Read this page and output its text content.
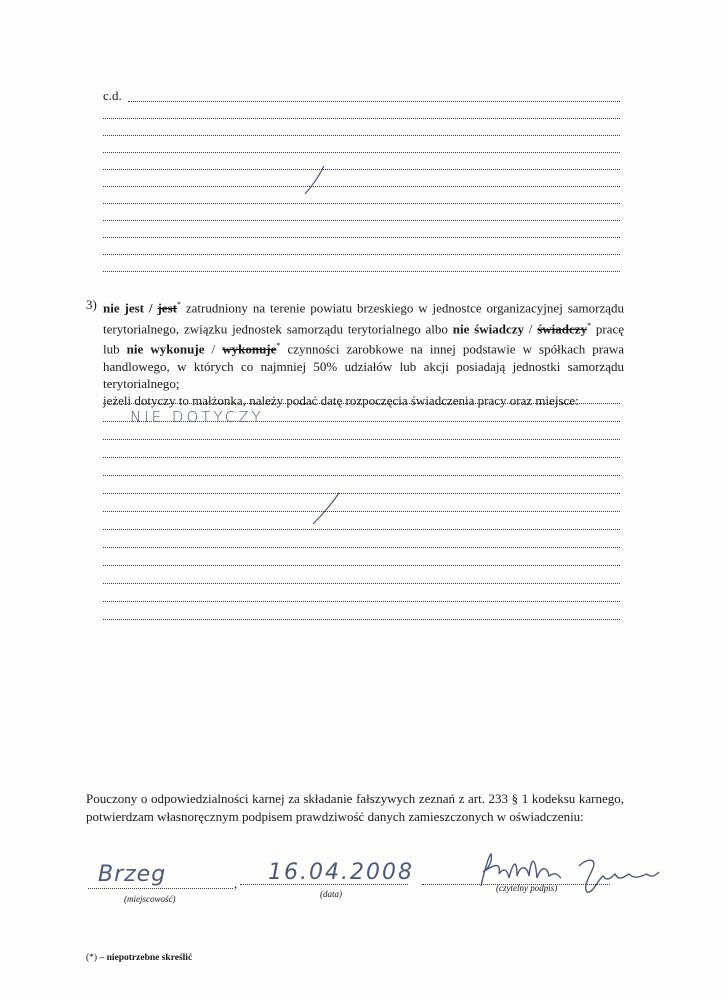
c.d.
3) nie jest / jest* zatrudniony na terenie powiatu brzeskiego w jednostce organizacyjnej samorządu terytorialnego, związku jednostek samorządu terytorialnego albo nie świadczy / świadczy* pracę lub nie wykonuje / wykonuje* czynności zarobkowe na innej podstawie w spółkach prawa handlowego, w których co najmniej 50% udziałów lub akcji posiadają jednostki samorządu terytorialnego;
jeżeli dotyczy to małżonka, należy podać datę rozpoczęcia świadczenia pracy oraz miejsce:
NIE DOTYCZY
Pouczony o odpowiedzialności karnej za składanie fałszywych zeznań z art. 233 § 1 kodeksu karnego, potwierdzam własnoręcznym podpisem prawdziwość danych zamieszczonych w oświadczeniu:
Brzeg	,
(miejscowość)
16.04.2008
(data)
(czytelny podpis)
(*) – niepotrzebne skreślić
